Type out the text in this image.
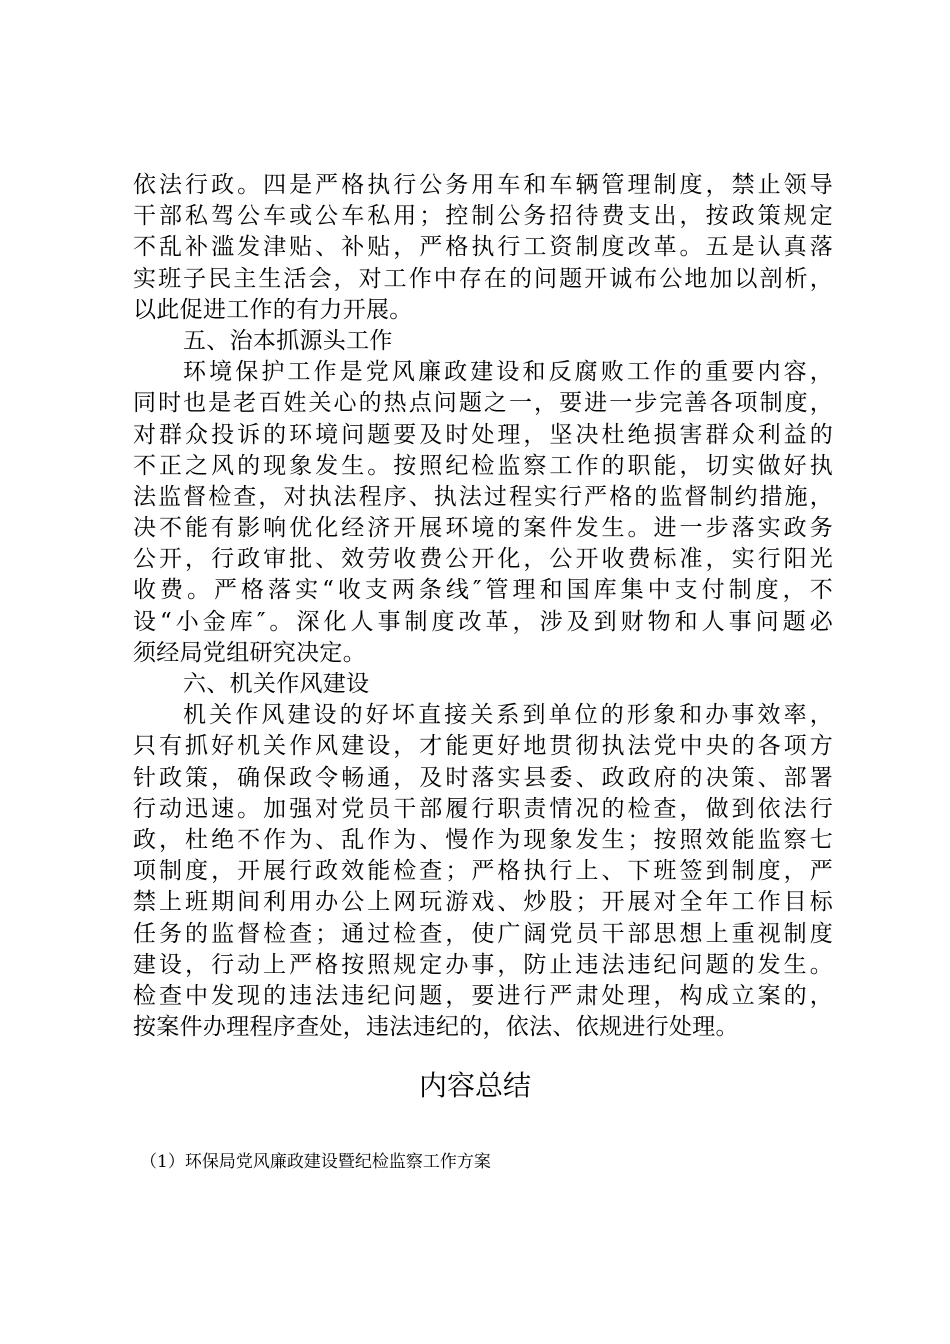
依法行政。四是严格执行公务用车和车辆管理制度，禁止领导
干部私驾公车或公车私用；控制公务招待费支出，按政策规定
不乱补滥发津贴、补贴，严格执行工资制度改革。五是认真落
实班子民主生活会，对工作中存在的问题开诚布公地加以剖析，
以此促进工作的有力开展。
五、治本抓源头工作
环境保护工作是党风廉政建设和反腐败工作的重要内容，
同时也是老百姓关心的热点问题之一，要进一步完善各项制度，
对群众投诉的环境问题要及时处理，坚决杜绝损害群众利益的
不正之风的现象发生。按照纪检监察工作的职能，切实做好执
法监督检查，对执法程序、执法过程实行严格的监督制约措施，
决不能有影响优化经济开展环境的案件发生。进一步落实政务
公开，行政审批、效劳收费公开化，公开收费标准，实行阳光
收费。严格落实“收支两条线″管理和国库集中支付制度，不
设“小金库″。深化人事制度改革，涉及到财物和人事问题必
须经局党组研究决定。
六、机关作风建设
机关作风建设的好坏直接关系到单位的形象和办事效率，
只有抓好机关作风建设，才能更好地贯彻执法党中央的各项方
针政策，确保政令畅通，及时落实县委、政政府的决策、部署
行动迅速。加强对党员干部履行职责情况的检查，做到依法行
政，杜绝不作为、乱作为、慢作为现象发生；按照效能监察七
项制度，开展行政效能检查；严格执行上、下班签到制度，严
禁上班期间利用办公上网玩游戏、炒股；开展对全年工作目标
任务的监督检查；通过检查，使广阔党员干部思想上重视制度
建设，行动上严格按照规定办事，防止违法违纪问题的发生。
检查中发现的违法违纪问题，要进行严肃处理，构成立案的，
按案件办理程序查处，违法违纪的，依法、依规进行处理。
内容总结
（1）环保局党风廉政建设暨纪检监察工作方案
